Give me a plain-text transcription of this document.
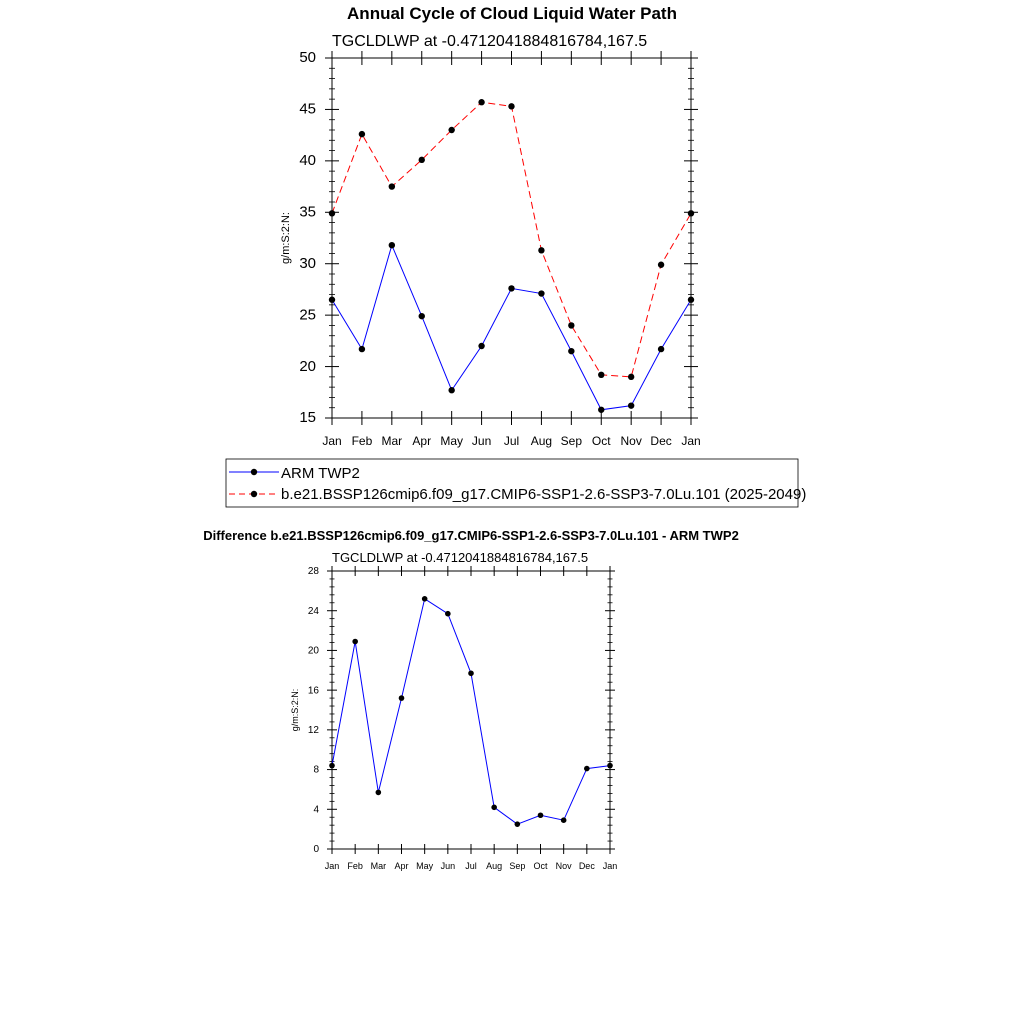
Annual Cycle of Cloud Liquid Water Path
TGCLDLWP at -0.4712041884816784,167.5
g/m:S:2:N:
Jan Feb Mar Apr May Jun Jul Aug Sep Oct Nov Dec Jan
15
20
25
30
35
40
45
50
ARM TWP2
b.e21.BSSP126cmip6.f09_g17.CMIP6-SSP1-2.6-SSP3-7.0Lu.101 (2025-2049)
Difference b.e21.BSSP126cmip6.f09_g17.CMIP6-SSP1-2.6-SSP3-7.0Lu.101 - ARM TWP2
TGCLDLWP at -0.4712041884816784,167.5
g/m:S:2:N:
Jan Feb Mar Apr May Jun Jul Aug Sep Oct Nov Dec Jan
0
4
8
12
16
20
24
28
